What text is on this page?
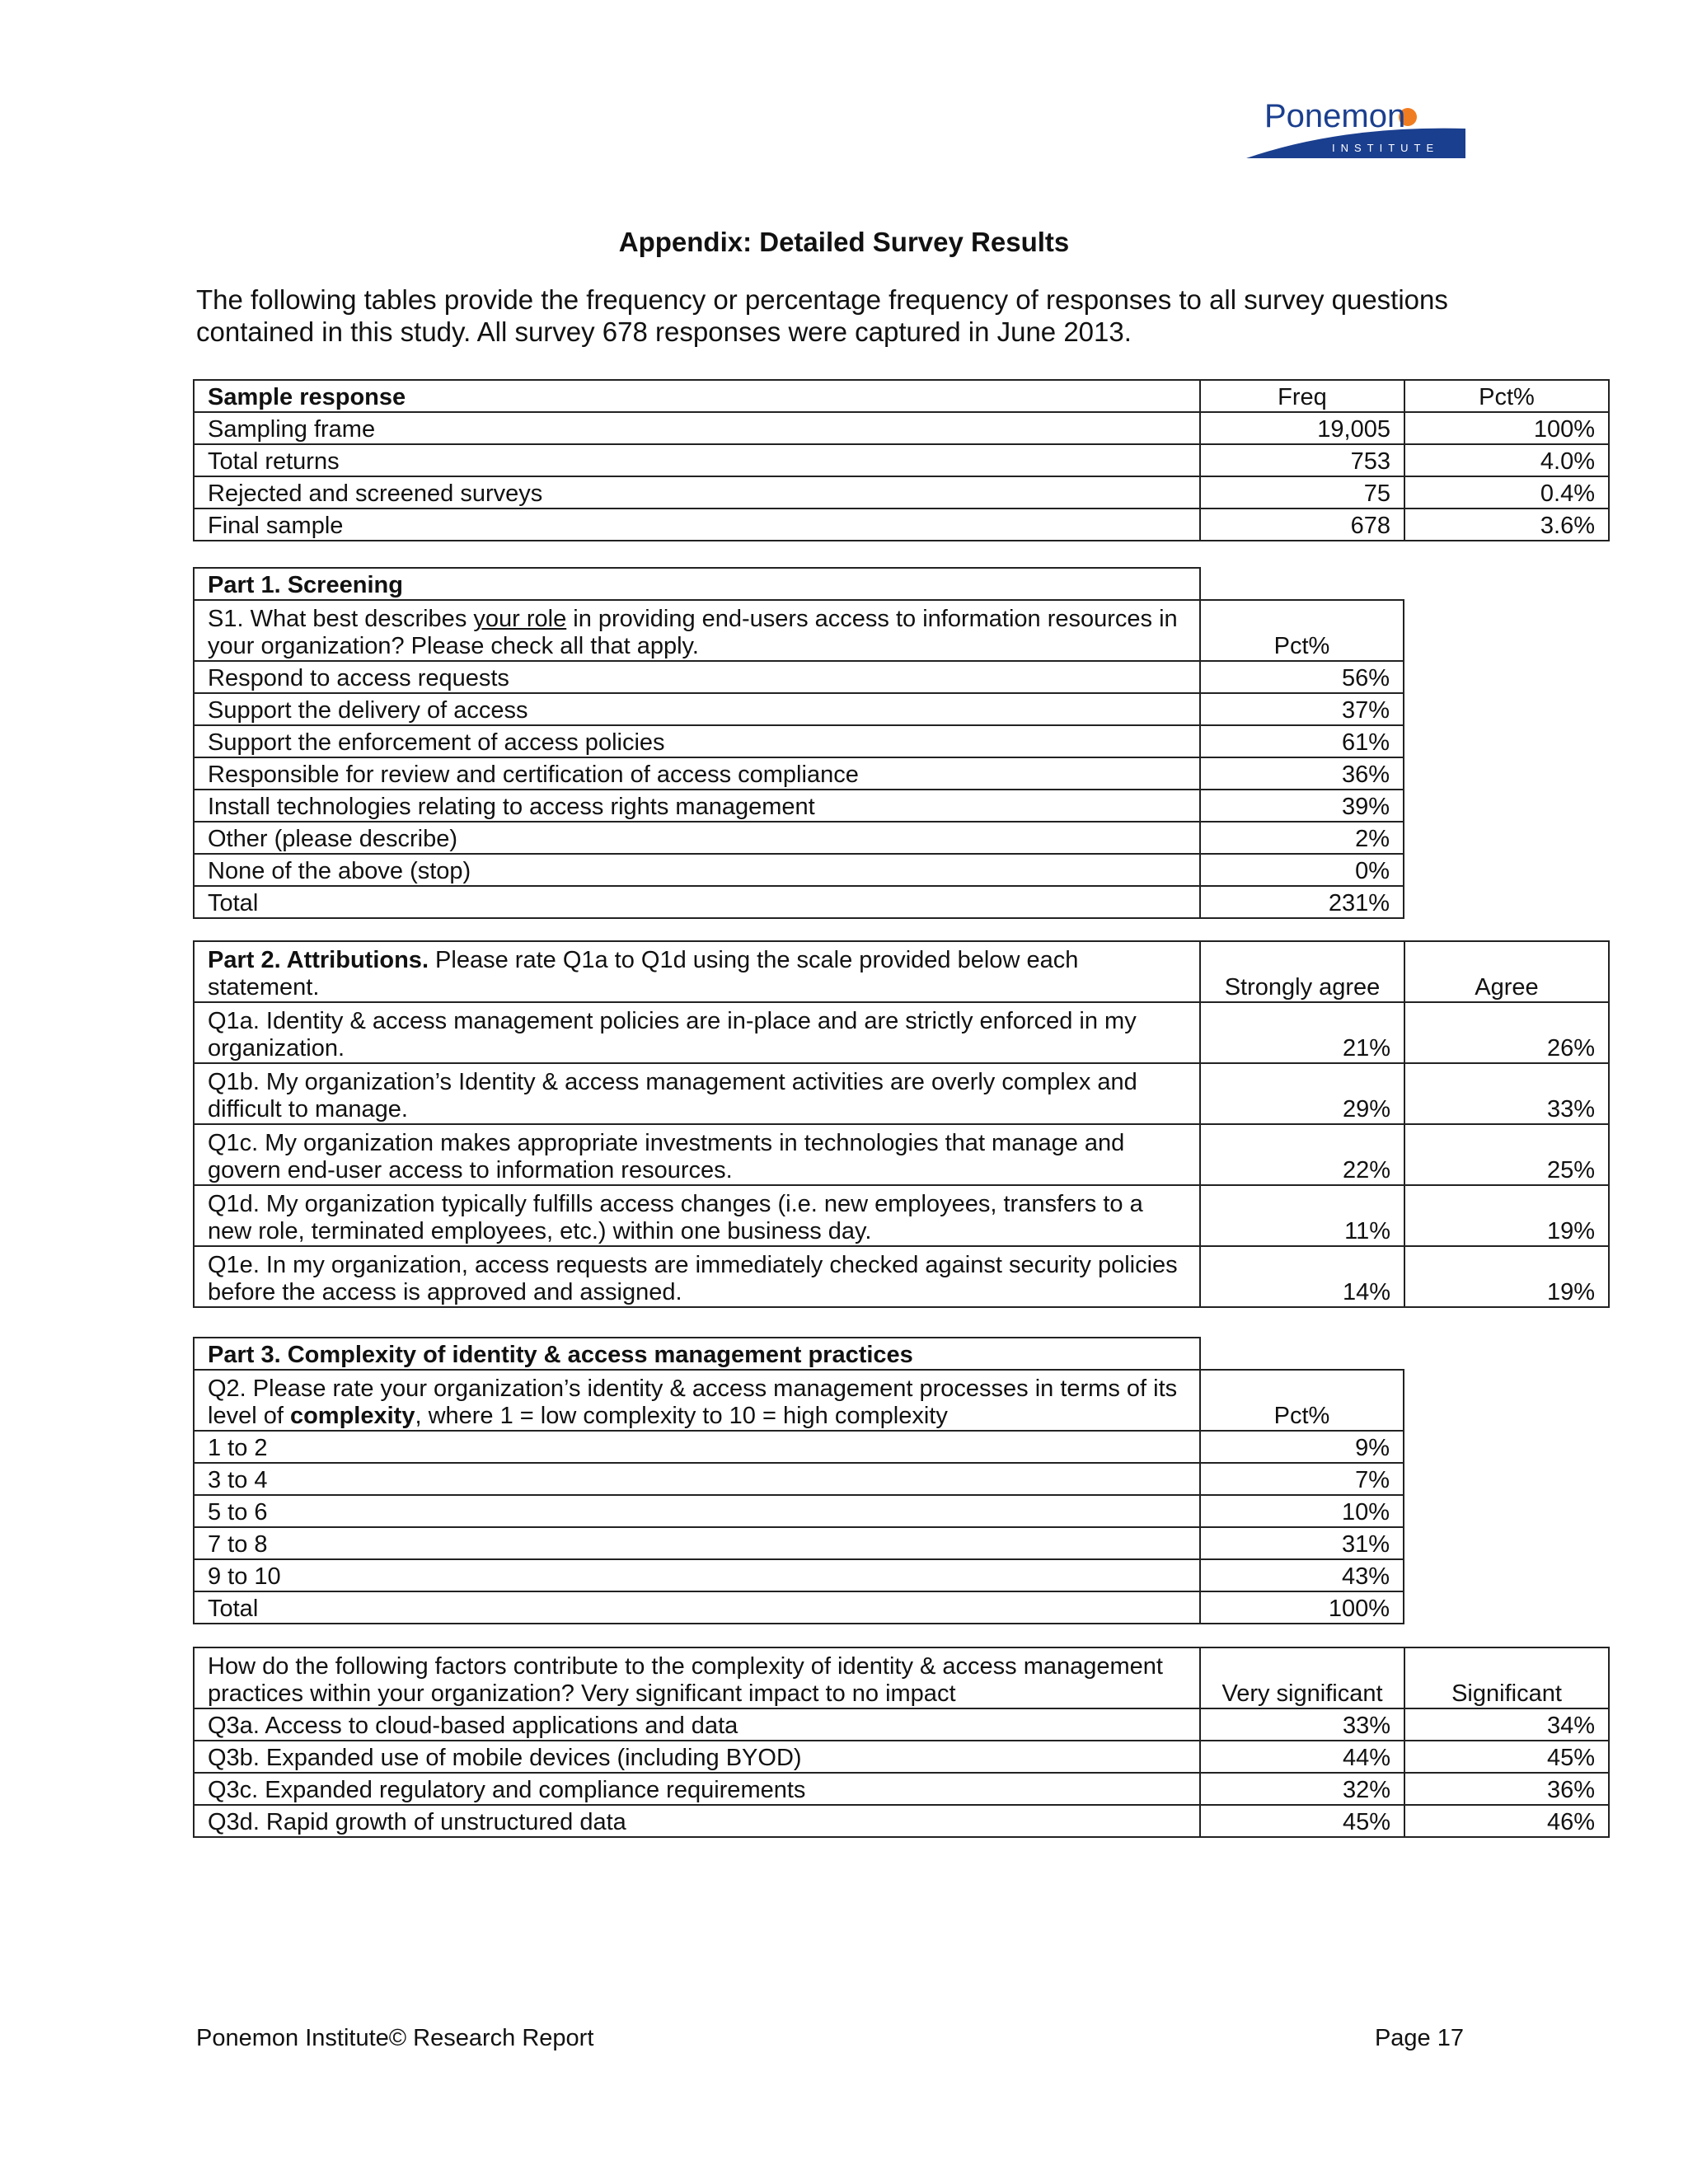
Ponemon
INSTITUTE
Appendix: Detailed Survey Results
The following tables provide the frequency or percentage frequency of responses to all survey questions contained in this study. All survey 678 responses were captured in June 2013.
Sample response	Freq	Pct%
Sampling frame	19,005	100%
Total returns	753	4.0%
Rejected and screened surveys	75	0.4%
Final sample	678	3.6%
Part 1. Screening	
S1. What best describes your role in providing end-users access to information resources in your organization? Please check all that apply.	Pct%
Respond to access requests	56%
Support the delivery of access	37%
Support the enforcement of access policies	61%
Responsible for review and certification of access compliance	36%
Install technologies relating to access rights management	39%
Other (please describe)	2%
None of the above (stop)	0%
Total	231%
Part 2. Attributions. Please rate Q1a to Q1d using the scale provided below each statement.	Strongly agree	Agree
Q1a. Identity & access management policies are in-place and are strictly enforced in my organization.	21%	26%
Q1b. My organization’s Identity & access management activities are overly complex and difficult to manage.	29%	33%
Q1c. My organization makes appropriate investments in technologies that manage and govern end-user access to information resources.	22%	25%
Q1d. My organization typically fulfills access changes (i.e. new employees, transfers to a new role, terminated employees, etc.) within one business day.	11%	19%
Q1e. In my organization, access requests are immediately checked against security policies before the access is approved and assigned.	14%	19%
Part 3. Complexity of identity & access management practices	
Q2. Please rate your organization’s identity & access management processes in terms of its level of complexity, where 1 = low complexity to 10 = high complexity	Pct%
1 to 2	9%
3 to 4	7%
5 to 6	10%
7 to 8	31%
9 to 10	43%
Total	100%
How do the following factors contribute to the complexity of identity & access management practices within your organization? Very significant impact to no impact	Very significant	Significant
Q3a. Access to cloud-based applications and data	33%	34%
Q3b. Expanded use of mobile devices (including BYOD)	44%	45%
Q3c. Expanded regulatory and compliance requirements	32%	36%
Q3d. Rapid growth of unstructured data	45%	46%
Ponemon Institute© Research Report	Page 17
